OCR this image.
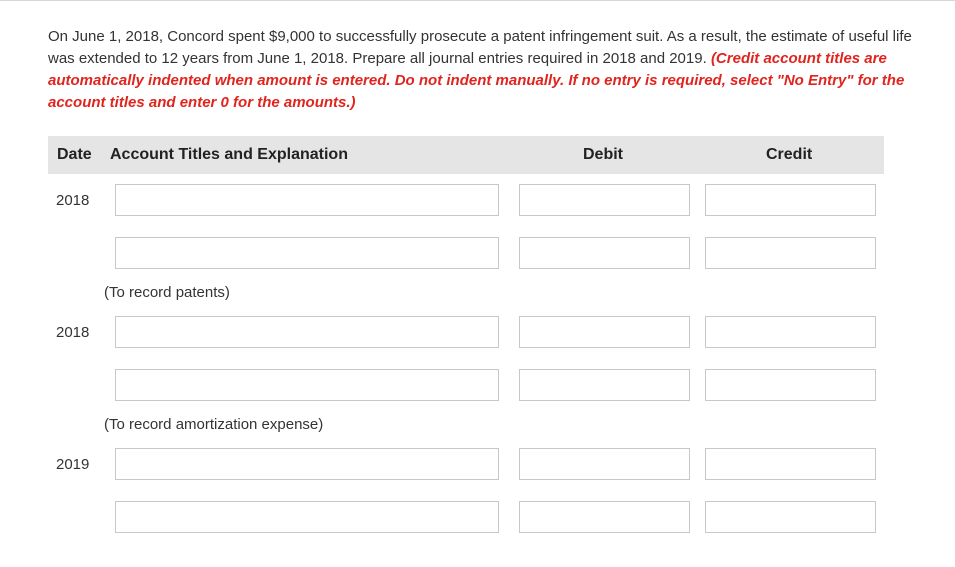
On June 1, 2018, Concord spent $9,000 to successfully prosecute a patent infringement suit. As a result, the estimate of useful life was extended to 12 years from June 1, 2018. Prepare all journal entries required in 2018 and 2019. (Credit account titles are automatically indented when amount is entered. Do not indent manually. If no entry is required, select "No Entry" for the account titles and enter 0 for the amounts.)
Date Account Titles and Explanation	Debit	Credit
2018
(To record patents)
2018
(To record amortization expense)
2019
